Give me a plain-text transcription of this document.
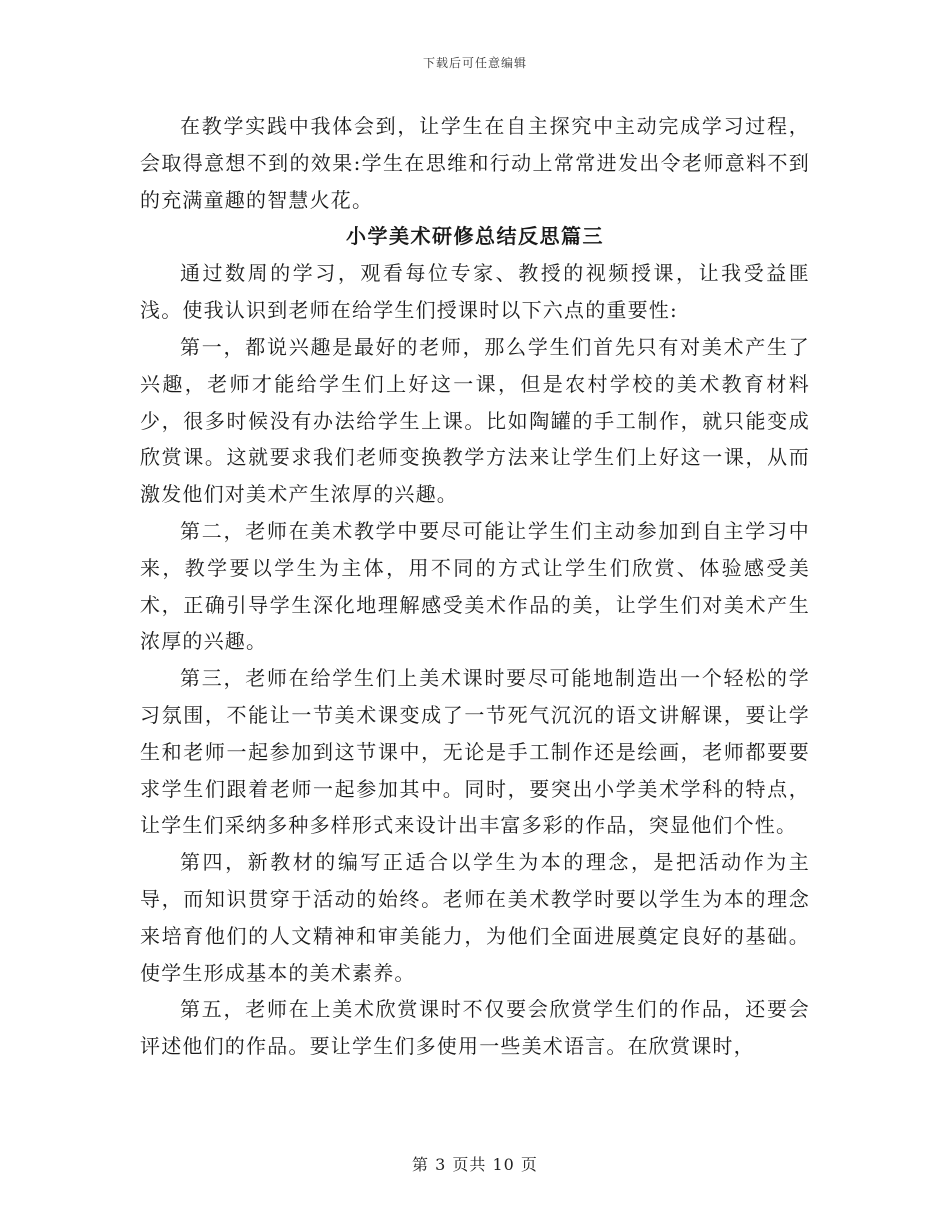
下载后可任意编辑

在教学实践中我体会到，让学生在自主探究中主动完成学习过程，会取得意想不到的效果:学生在思维和行动上常常进发出令老师意料不到的充满童趣的智慧火花。

小学美术研修总结反思篇三

通过数周的学习，观看每位专家、教授的视频授课，让我受益匪浅。使我认识到老师在给学生们授课时以下六点的重要性:

第一，都说兴趣是最好的老师，那么学生们首先只有对美术产生了兴趣，老师才能给学生们上好这一课，但是农村学校的美术教育材料少，很多时候没有办法给学生上课。比如陶罐的手工制作，就只能变成欣赏课。这就要求我们老师变换教学方法来让学生们上好这一课，从而激发他们对美术产生浓厚的兴趣。

第二，老师在美术教学中要尽可能让学生们主动参加到自主学习中来，教学要以学生为主体，用不同的方式让学生们欣赏、体验感受美术，正确引导学生深化地理解感受美术作品的美，让学生们对美术产生浓厚的兴趣。

第三，老师在给学生们上美术课时要尽可能地制造出一个轻松的学习氛围，不能让一节美术课变成了一节死气沉沉的语文讲解课，要让学生和老师一起参加到这节课中，无论是手工制作还是绘画，老师都要要求学生们跟着老师一起参加其中。同时，要突出小学美术学科的特点，让学生们采纳多种多样形式来设计出丰富多彩的作品，突显他们个性。

第四，新教材的编写正适合以学生为本的理念，是把活动作为主导，而知识贯穿于活动的始终。老师在美术教学时要以学生为本的理念来培育他们的人文精神和审美能力，为他们全面进展奠定良好的基础。使学生形成基本的美术素养。

第五，老师在上美术欣赏课时不仅要会欣赏学生们的作品，还要会评述他们的作品。要让学生们多使用一些美术语言。在欣赏课时，

第 3 页共 10 页
